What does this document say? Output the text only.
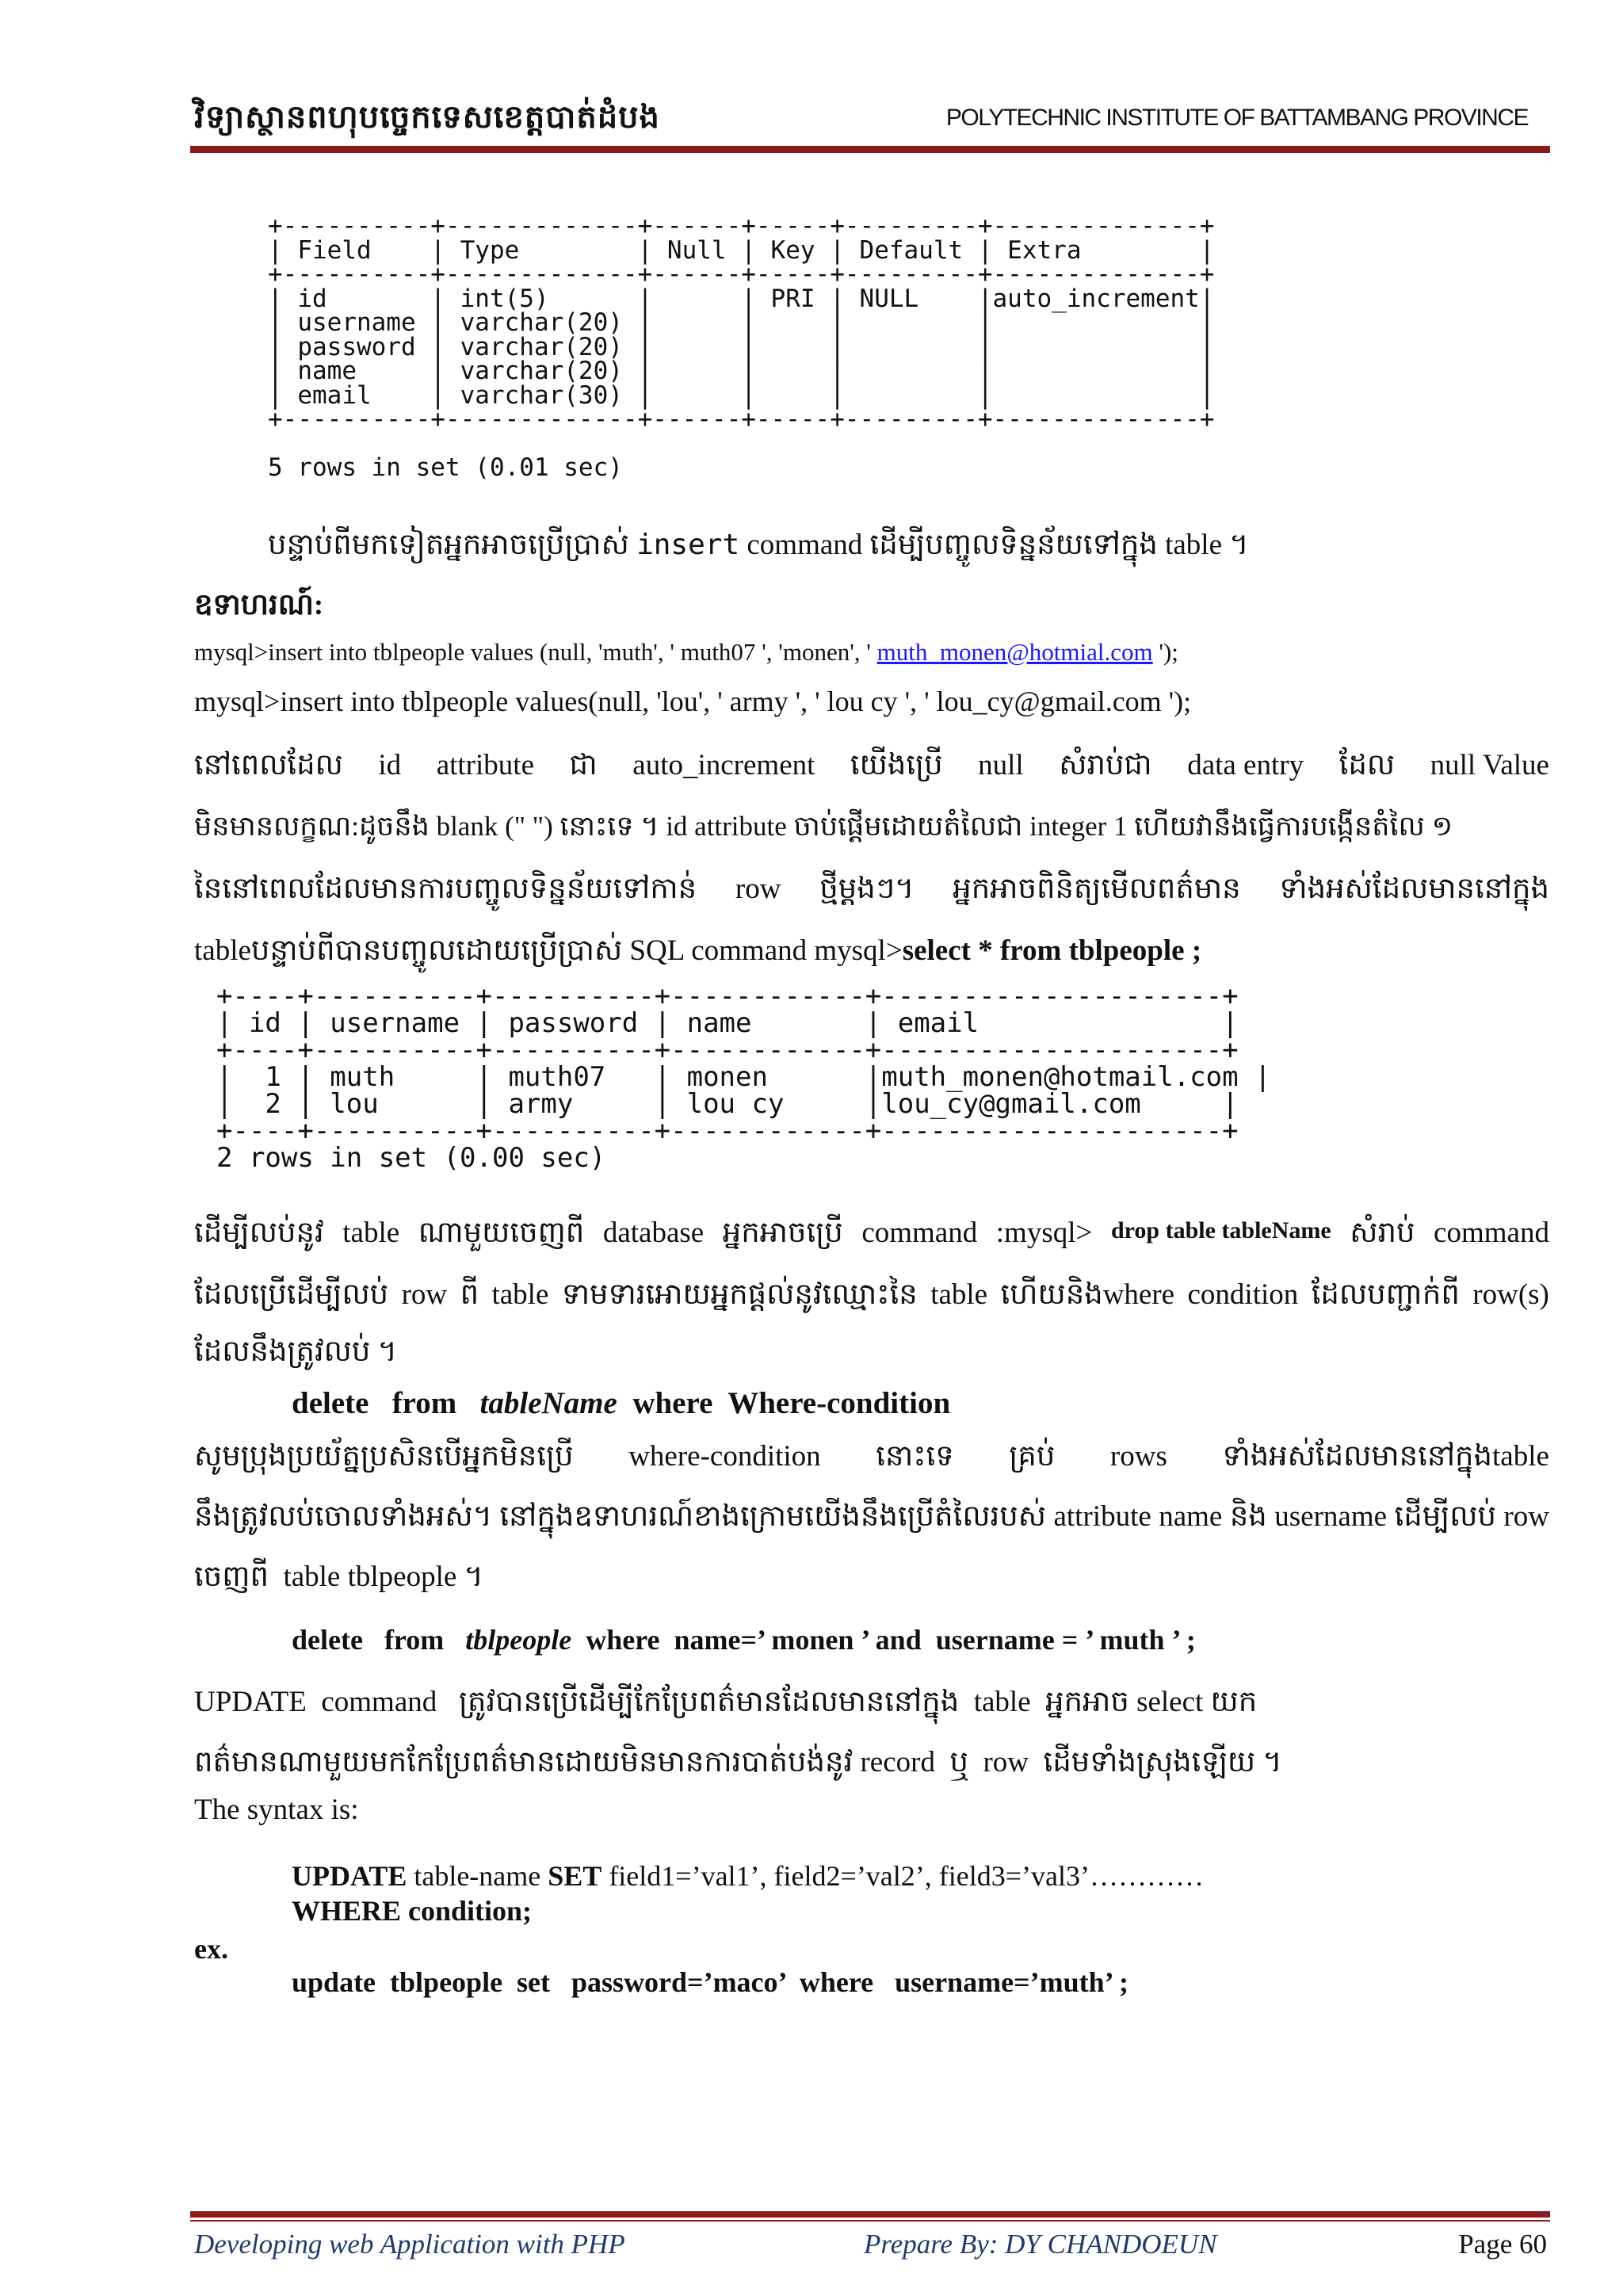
វិទ្យាស្ថានពហុបច្ចេកទេសខេត្តបាត់ដំបង	POLYTECHNIC INSTITUTE OF BATTAMBANG PROVINCE
+----------+-------------+------+-----+---------+--------------+
| Field    | Type        | Null | Key | Default | Extra        |
+----------+-------------+------+-----+---------+--------------+
| id       | int(5)      |      | PRI | NULL    |auto_increment|
| username | varchar(20) |      |     |         |              |
| password | varchar(20) |      |     |         |              |
| name     | varchar(20) |      |     |         |              |
| email    | varchar(30) |      |     |         |              |
+----------+-------------+------+-----+---------+--------------+

5 rows in set (0.01 sec)
បន្ទាប់ពីមកទៀតអ្នកអាចប្រើប្រាស់ insert command ដើម្បីបញ្ចូលទិន្នន័យទៅក្នុង table ។
ឧទាហរណ៍:
mysql>insert into tblpeople values (null, 'muth', ' muth07 ', 'monen', ' muth_monen@hotmial.com ');
mysql>insert into tblpeople values(null, 'lou', ' army ', ' lou cy ', ' lou_cy@gmail.com ');
នៅពេលដែល id attribute ជា auto_increment យើងប្រើ null សំរាប់ជា data entry ដែល null Value
មិនមានលក្ខណ:ដូចនឹង blank (" ") នោះទេ ។ id attribute ចាប់ផ្តើមដោយតំលៃជា integer 1 ហើយវានឹងធ្វើការបង្កើនតំលៃ ១
នៃនៅពេលដែលមានការបញ្ចូលទិន្នន័យទៅកាន់ row ថ្មីម្តងៗ។ អ្នកអាចពិនិត្យមើលពត៌មាន ទាំងអស់ដែលមាននៅក្នុង
tableបន្ទាប់ពីបានបញ្ចូលដោយប្រើប្រាស់ SQL command mysql>select * from tblpeople ;
+----+----------+----------+------------+---------------------+
| id | username | password | name       | email               |
+----+----------+----------+------------+---------------------+
|  1 | muth     | muth07   | monen      |muth_monen@hotmail.com |
|  2 | lou      | army     | lou cy     |lou_cy@gmail.com     |
+----+----------+----------+------------+---------------------+
2 rows in set (0.00 sec)
ដើម្បីលប់នូវ table ណាមួយចេញពី database អ្នកអាចប្រើ command :mysql> drop table tableName សំរាប់ command
ដែលប្រើដើម្បីលប់ row ពី table ទាមទារអោយអ្នកផ្តល់នូវឈ្មោះនៃ table ហើយនិងwhere condition ដែលបញ្ជាក់ពី row(s)
ដែលនឹងត្រូវលប់ ។
delete   from   tableName  where  Where-condition
សូមប្រុងប្រយ័ត្នប្រសិនបើអ្នកមិនប្រើ where-condition នោះទេ គ្រប់ rows ទាំងអស់ដែលមាននៅក្នុងtable
នឹងត្រូវលប់ចោលទាំងអស់។ នៅក្នុងឧទាហរណ៍ខាងក្រោមយើងនឹងប្រើតំលៃរបស់ attribute name និង username ដើម្បីលប់ row
ចេញពី  table tblpeople ។
delete   from   tblpeople  where  name=’ monen ’ and  username = ’ muth ’ ;
UPDATE  command   ត្រូវបានប្រើដើម្បីកែប្រែពត៌មានដែលមាននៅក្នុង  table  អ្នកអាច select យក
ពត៌មានណាមួយមកកែប្រែពត៌មានដោយមិនមានការបាត់បង់នូវ record  ឬ  row  ដើមទាំងស្រុងឡើយ ។
The syntax is:
UPDATE table-name SET field1=’val1’, field2=’val2’, field3=’val3’…………
WHERE condition;
ex.
update  tblpeople  set   password=’maco’  where   username=’muth’ ;
Developing web Application with PHP	Prepare By: DY CHANDOEUN	Page 60
